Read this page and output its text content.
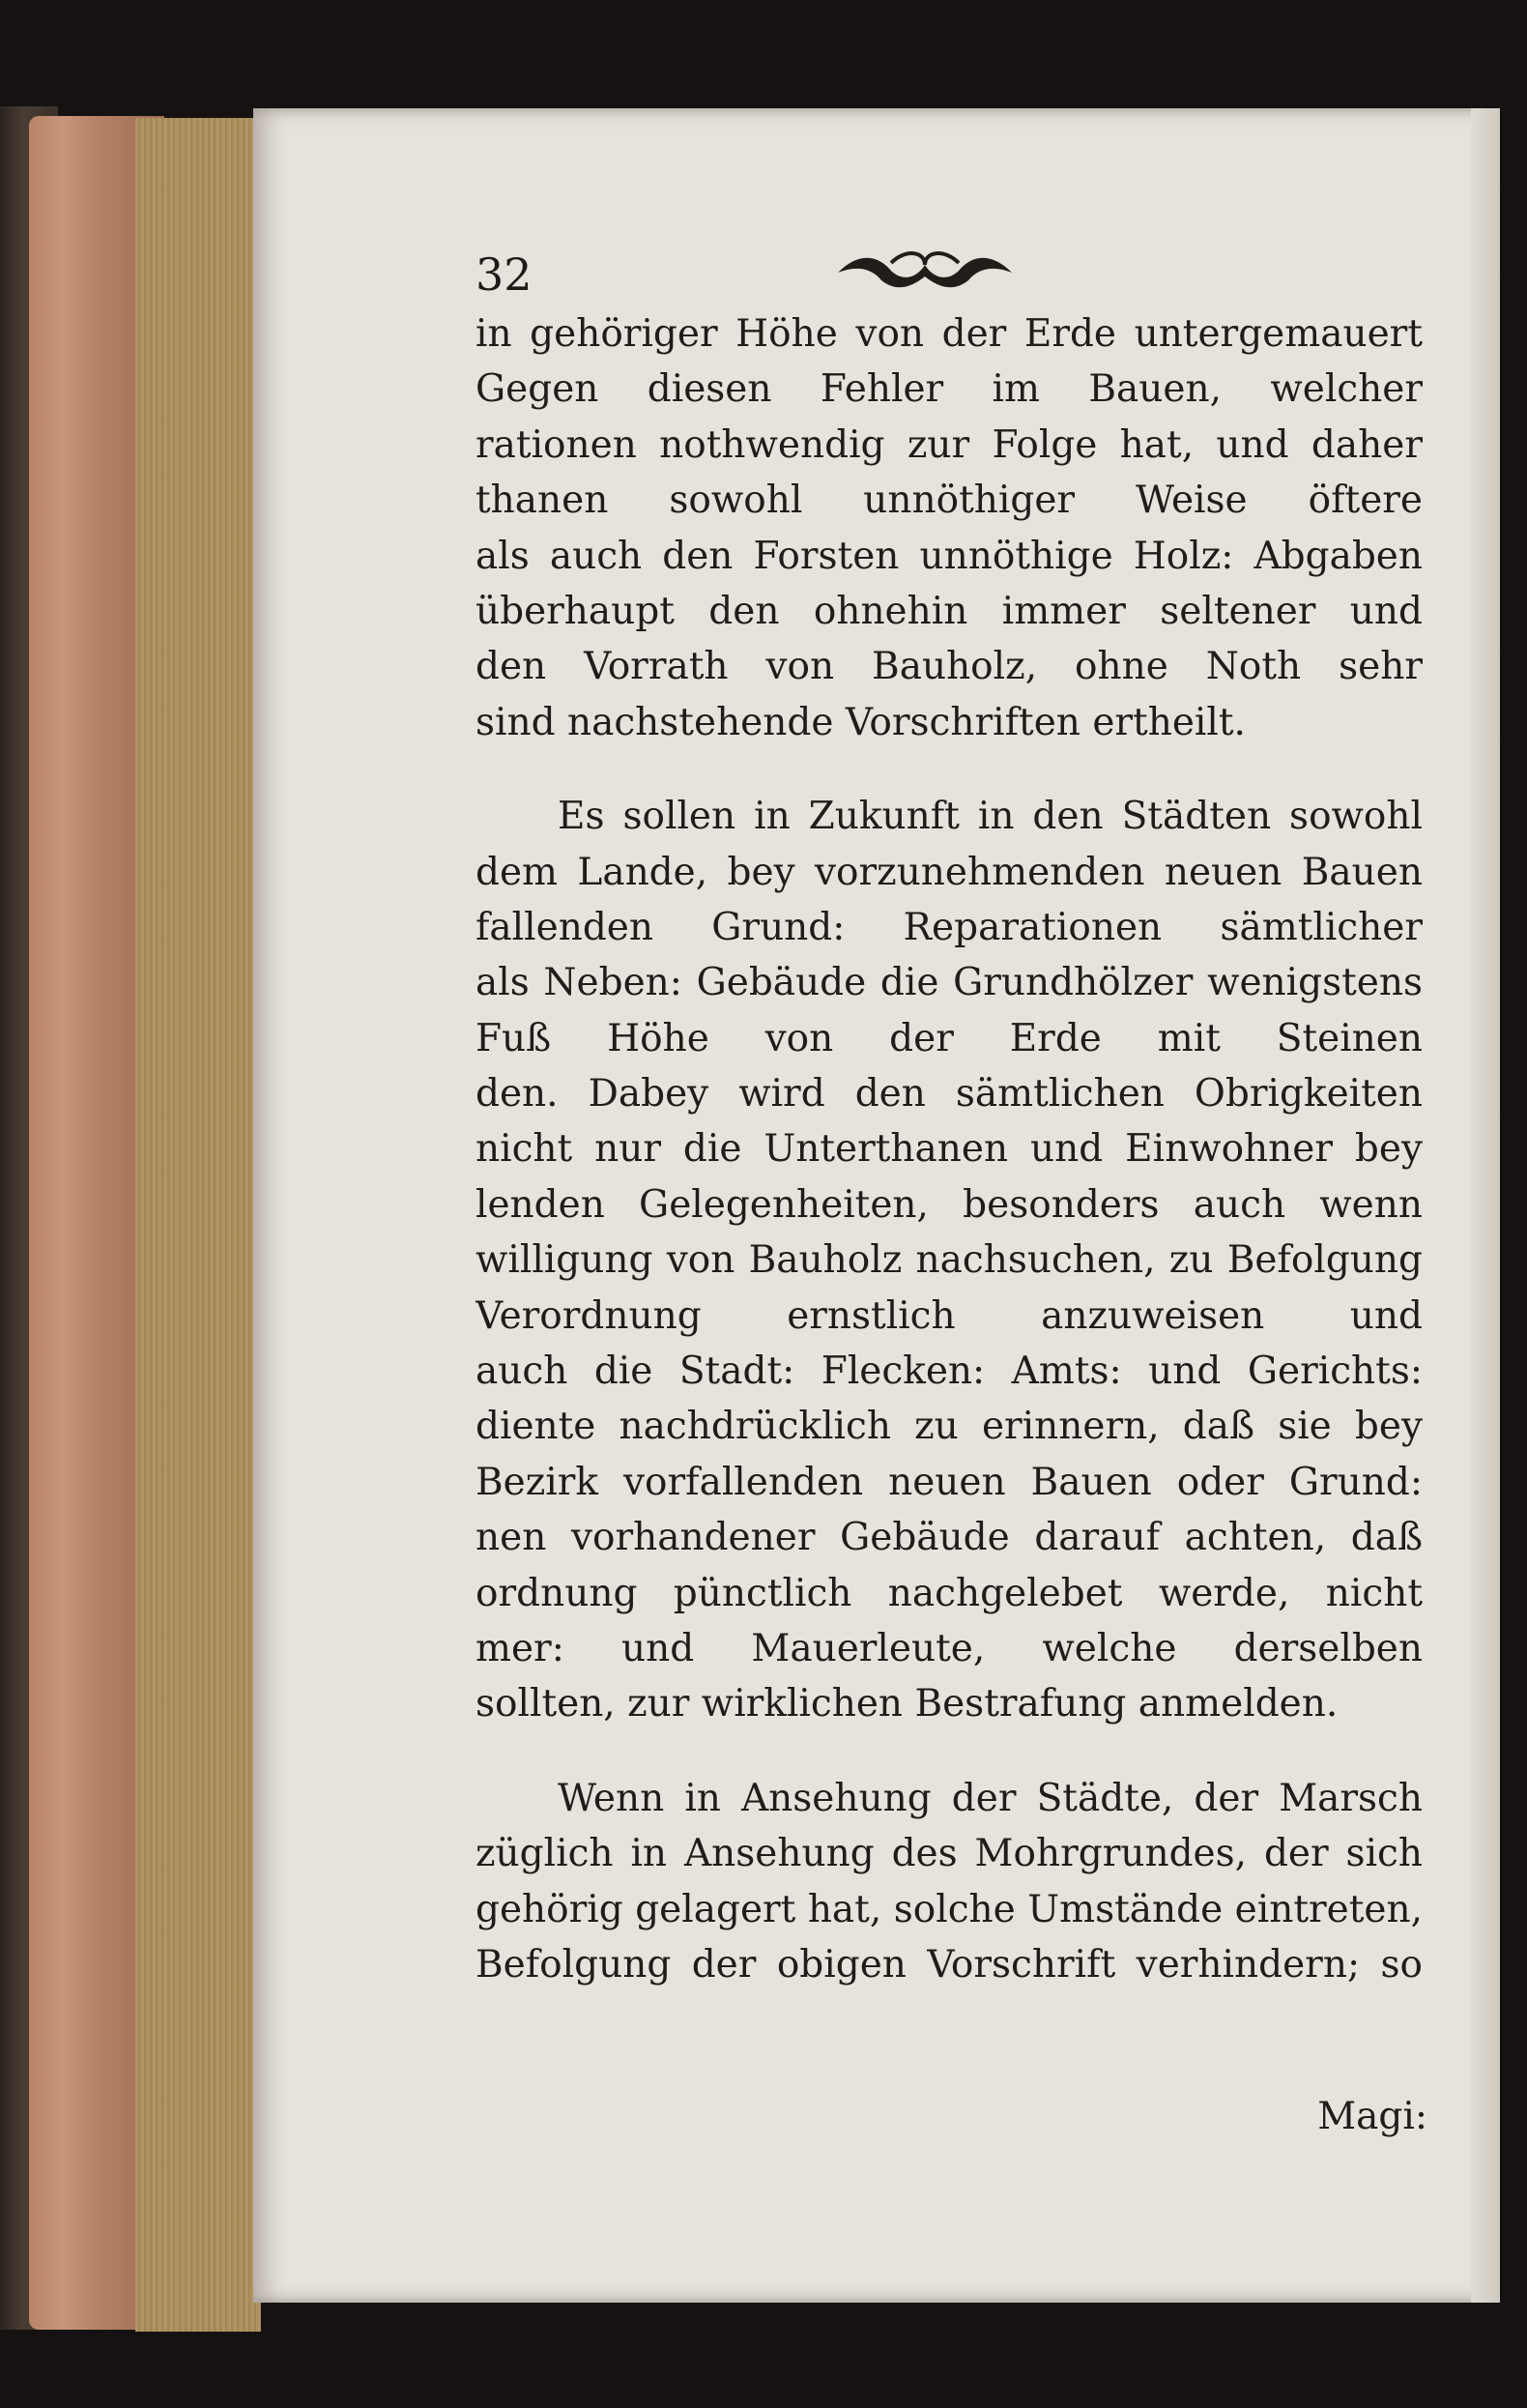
32
in gehöriger Höhe von der Erde untergemauert
Gegen diesen Fehler im Bauen, welcher
rationen nothwendig zur Folge hat, und daher
thanen sowohl unnöthiger Weise öftere
als auch den Forsten unnöthige Holz: Abgaben
überhaupt den ohnehin immer seltener und
den Vorrath von Bauholz, ohne Noth sehr
sind nachstehende Vorschriften ertheilt.
Es sollen in Zukunft in den Städten sowohl
dem Lande, bey vorzunehmenden neuen Bauen
fallenden Grund: Reparationen sämtlicher
als Neben: Gebäude die Grundhölzer wenigstens
Fuß Höhe von der Erde mit Steinen
den. Dabey wird den sämtlichen Obrigkeiten
nicht nur die Unterthanen und Einwohner bey
lenden Gelegenheiten, besonders auch wenn
willigung von Bauholz nachsuchen, zu Befolgung
Verordnung ernstlich anzuweisen und
auch die Stadt: Flecken: Amts: und Gerichts:
diente nachdrücklich zu erinnern, daß sie bey
Bezirk vorfallenden neuen Bauen oder Grund:
nen vorhandener Gebäude darauf achten, daß
ordnung pünctlich nachgelebet werde, nicht
mer: und Mauerleute, welche derselben
sollten, zur wirklichen Bestrafung anmelden.
Wenn in Ansehung der Städte, der Marsch
züglich in Ansehung des Mohrgrundes, der sich
gehörig gelagert hat, solche Umstände eintreten,
Befolgung der obigen Vorschrift verhindern; so
Magi:
